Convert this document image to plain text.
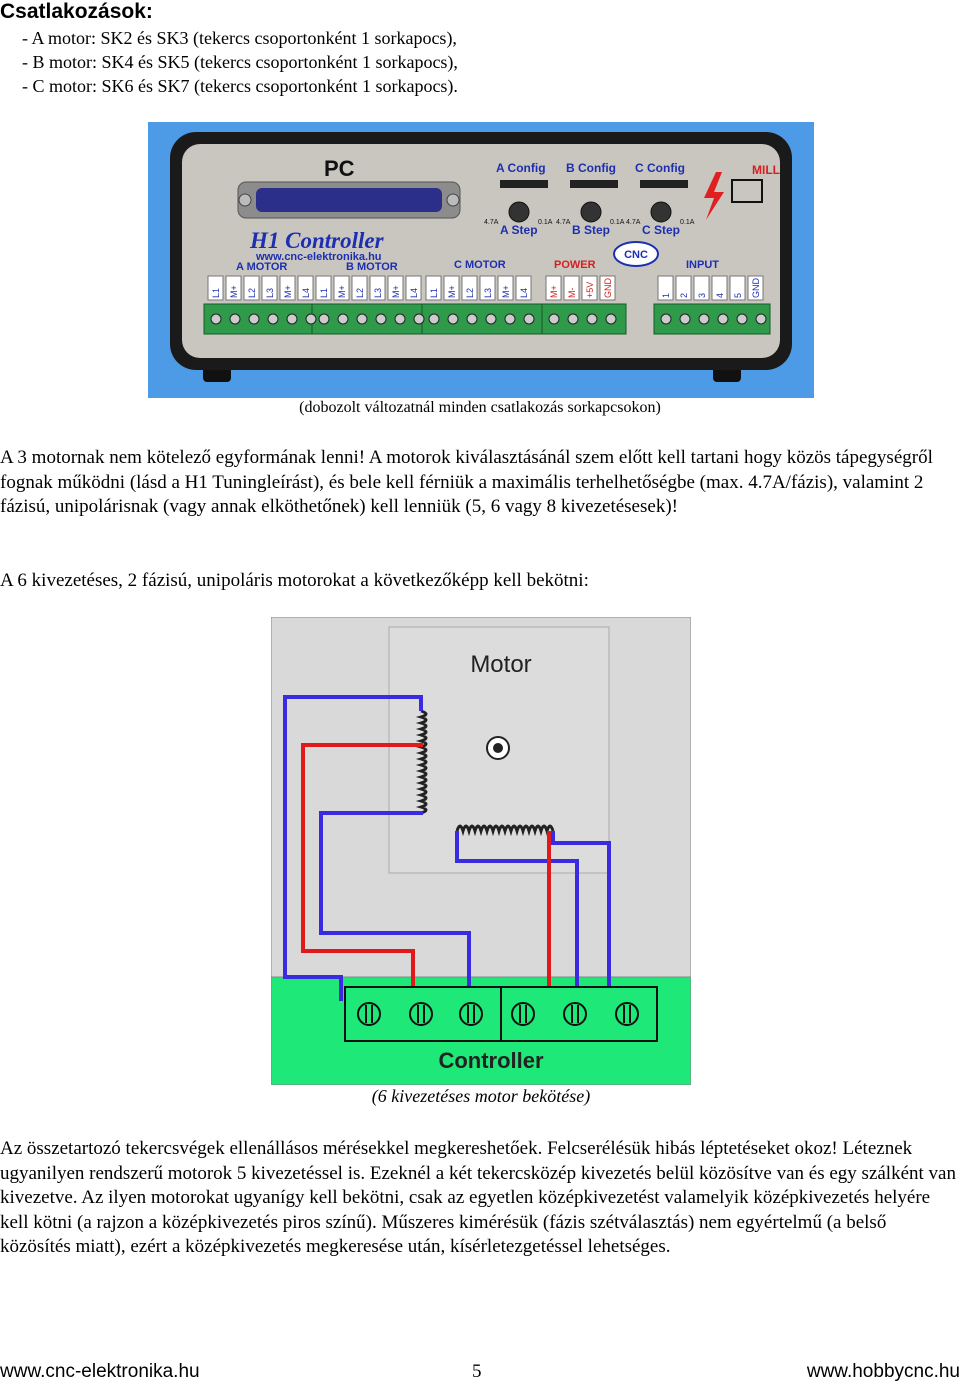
Csatlakozások:
- A motor: SK2 és SK3 (tekercs csoportonként 1 sorkapocs),
- B motor: SK4 és SK5 (tekercs csoportonként 1 sorkapocs),
- C motor: SK6 és SK7 (tekercs csoportonként 1 sorkapocs).
PC	A Config B Config C Config	MILL
4.7A	0.1A 4.7A	0.1A 4.7A	0.1A
A Step	B Step	C Step
CNC
H1 Controller
www.cnc-elektronika.hu
A MOTOR	B MOTOR	C MOTOR	POWER	INPUT
L1 M+ L2 L3 M+ L4 L1 M+ L2 L3 M+ L4 L1 M+ L2 L3 M+ L4 M+ M- +5V GND	1 2 3 4 5 GND
(dobozolt változatnál minden csatlakozás sorkapcsokon)
A 3 motornak nem kötelező egyformának lenni! A motorok kiválasztásánál szem előtt kell tartani hogy közös tápegységről fognak működni (lásd a H1 Tuningleírást), és bele kell férniük a maximális terhelhetőségbe (max. 4.7A/fázis), valamint 2 fázisú, unipolárisnak (vagy annak elköthetőnek) kell lenniük (5, 6 vagy 8 kivezetésesek)!
A 6 kivezetéses, 2 fázisú, unipoláris motorokat a következőképp kell bekötni:
Motor
Controller
(6 kivezetéses motor bekötése)
Az összetartozó tekercsvégek ellenállásos mérésekkel megkereshetőek. Felcserélésük hibás léptetéseket okoz! Léteznek ugyanilyen rendszerű motorok 5 kivezetéssel is. Ezeknél a két tekercsközép kivezetés belül közösítve van és egy szálként van kivezetve. Az ilyen motorokat ugyanígy kell bekötni, csak az egyetlen középkivezetést valamelyik középkivezetés helyére kell kötni (a rajzon a középkivezetés piros színű). Műszeres kimérésük (fázis szétválasztás) nem egyértelmű (a belső közösítés miatt), ezért a középkivezetés megkeresése után, kísérletezgetéssel lehetséges.
www.cnc-elektronika.hu	5	www.hobbycnc.hu
